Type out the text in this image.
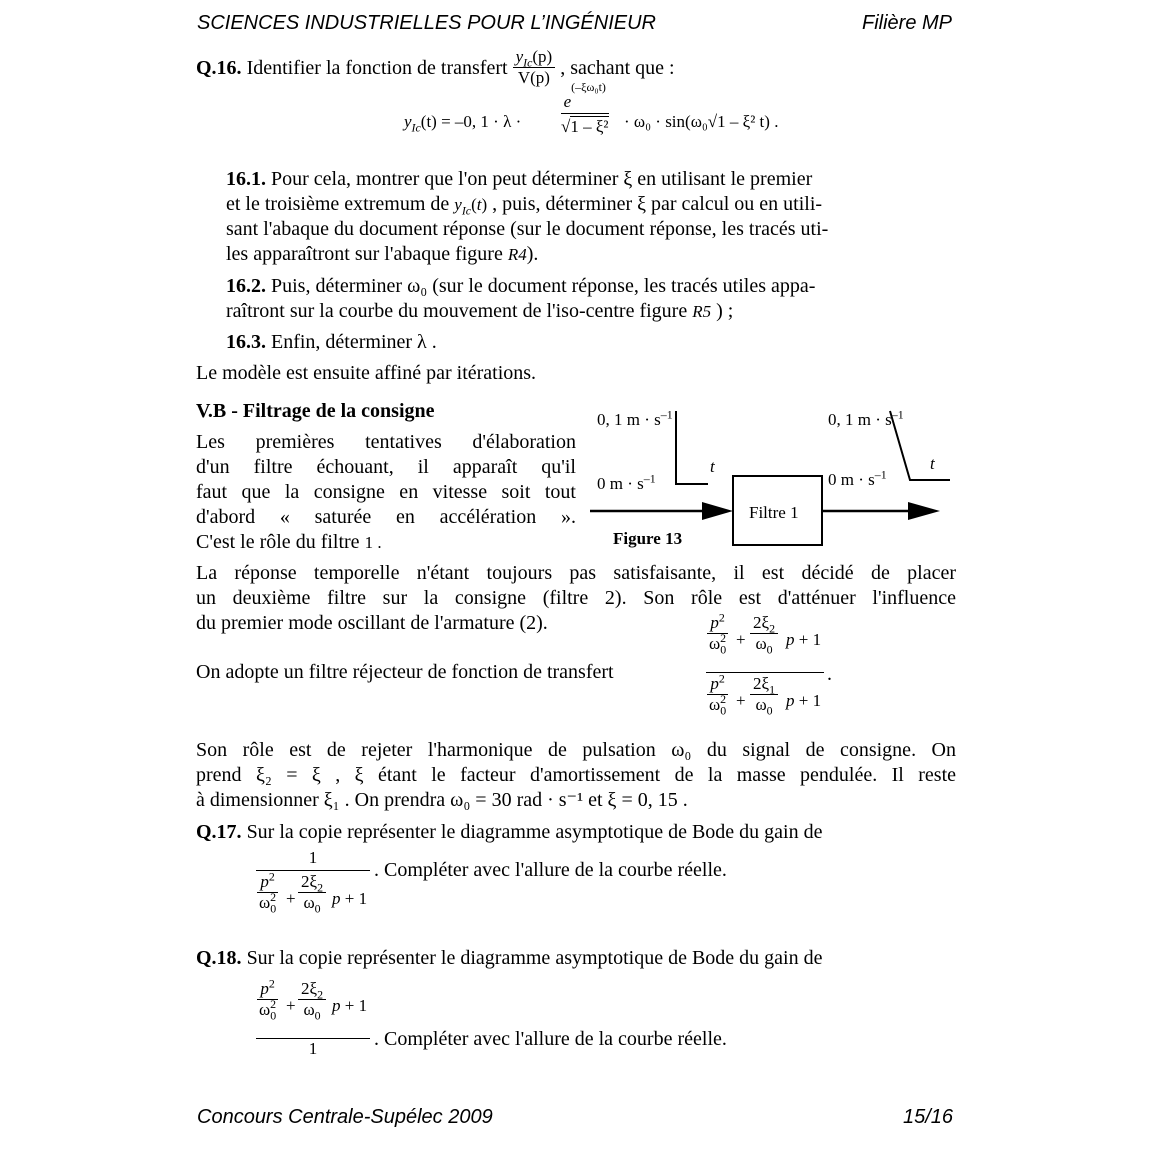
SCIENCES INDUSTRIELLES POUR L’INGÉNIEUR	Filière MP
Q.16. Identifier la fonction de transfert $\frac{y_{Ic}(p)}{V(p)}$ , sachant que :
$y_{Ic}(t) = -0$, $1 \cdot \lambda \cdot \frac{e^{(-\xi\omega_0t)}}{\text{√1 – ξ²}} \cdot \omega_0 \cdot \sin(\omega_0√1 - \xi^2$ t) .
16.1. Pour cela, montrer que l'on peut déterminer ξ en utilisant le premier
et le troisième extremum de $y_{Ic}(t)$ , puis, déterminer ξ par calcul ou en utili-
sant l'abaque du document réponse (sur le document réponse, les tracés uti-
les apparaîtront sur l'abaque figure R4).
16.2. Puis, déterminer ω₀ (sur le document réponse, les tracés utiles appa-
raîtront sur la courbe du mouvement de l'iso-centre figure R5 ) ;
16.3. Enfin, déterminer λ .
Le modèle est ensuite affiné par itérations.
V.B - Filtrage de la consigne
Les premières tentatives d'élaboration
d'un filtre échouant, il apparaît qu'il
faut que la consigne en vitesse soit tout
d'abord « saturée en accélération ».
C'est le rôle du filtre 1 .
0, 1 $m \cdot s^{-1}$
t
0 $m \cdot s^{-1}$
0, 1 $m \cdot s^{-1}$
t
0 $m \cdot s^{-1}$
Filtre 1
Figure 13
La réponse temporelle n'étant toujours pas satisfaisante, il est décidé de placer
un deuxième filtre sur la consigne (filtre 2). Son rôle est d'atténuer l'influence
du premier mode oscillant de l'armature (2).
On adopte un filtre réjecteur de fonction de transfert
$\frac{p^2}{\omega_0^2} + \frac{2\xi_2}{\omega_0}$ p + 1
$\frac{p^2}{\omega_0^2} + \frac{2\xi_1}{\omega_0}$ p + 1
.
Son rôle est de rejeter l'harmonique de pulsation ω₀ du signal de consigne. On
prend ξ₂ = ξ , ξ étant le facteur d'amortissement de la masse pendulée. Il reste
à dimensionner ξ₁ . On prendra ω₀ = 30 rad · s⁻¹ et ξ = 0, 15 .
Q.17. Sur la copie représenter le diagramme asymptotique de Bode du gain de
1
$\frac{p^2}{\omega_0^2} + \frac{2\xi_2}{\omega_0}$ p + 1
. Compléter avec l'allure de la courbe réelle.
Q.18. Sur la copie représenter le diagramme asymptotique de Bode du gain de
$\frac{p^2}{\omega_0^2} + \frac{2\xi_2}{\omega_0}$ p + 1
1	. Compléter avec l'allure de la courbe réelle.
Concours Centrale-Supélec 2009	15/16
